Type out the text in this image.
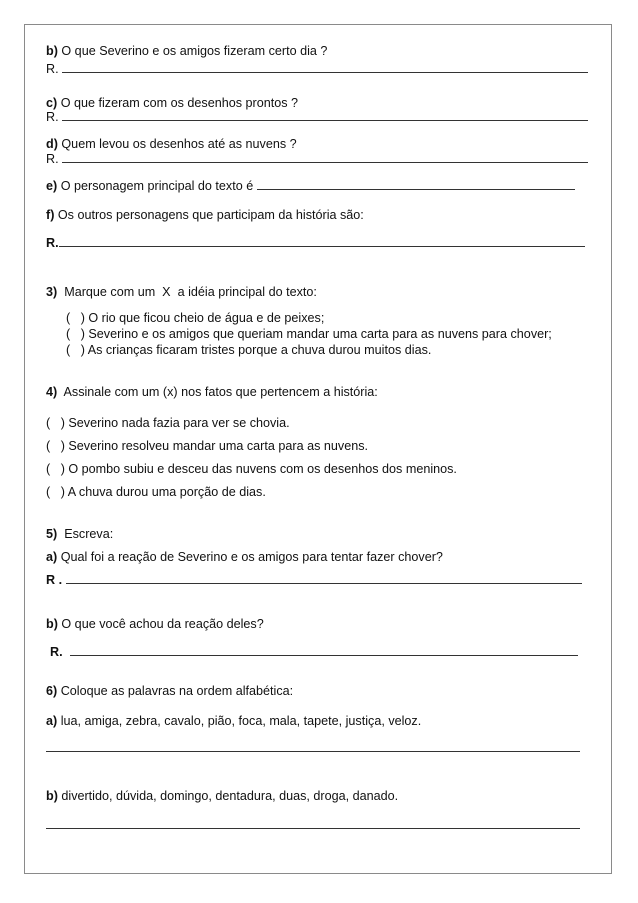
b) O que Severino e os amigos fizeram certo dia ?
R.
c) O que fizeram com os desenhos prontos ?
R.
d) Quem levou os desenhos até as nuvens ?
R.
e) O personagem principal do texto é
f) Os outros personagens que participam da história são:
R.
3)  Marque com um  X  a idéia principal do texto:
(   ) O rio que ficou cheio de água e de peixes;
(   ) Severino e os amigos que queriam mandar uma carta para as nuvens para chover;
(   ) As crianças ficaram tristes porque a chuva durou muitos dias.
4)  Assinale com um (x) nos fatos que pertencem a história:
(   ) Severino nada fazia para ver se chovia.
(   ) Severino resolveu mandar uma carta para as nuvens.
(   ) O pombo subiu e desceu das nuvens com os desenhos dos meninos.
(   ) A chuva durou uma porção de dias.
5)  Escreva:
a) Qual foi a reação de Severino e os amigos para tentar fazer chover?
R .
b) O que você achou da reação deles?
R.
6) Coloque as palavras na ordem alfabética:
a) lua, amiga, zebra, cavalo, pião, foca, mala, tapete, justiça, veloz.
b) divertido, dúvida, domingo, dentadura, duas, droga, danado.
